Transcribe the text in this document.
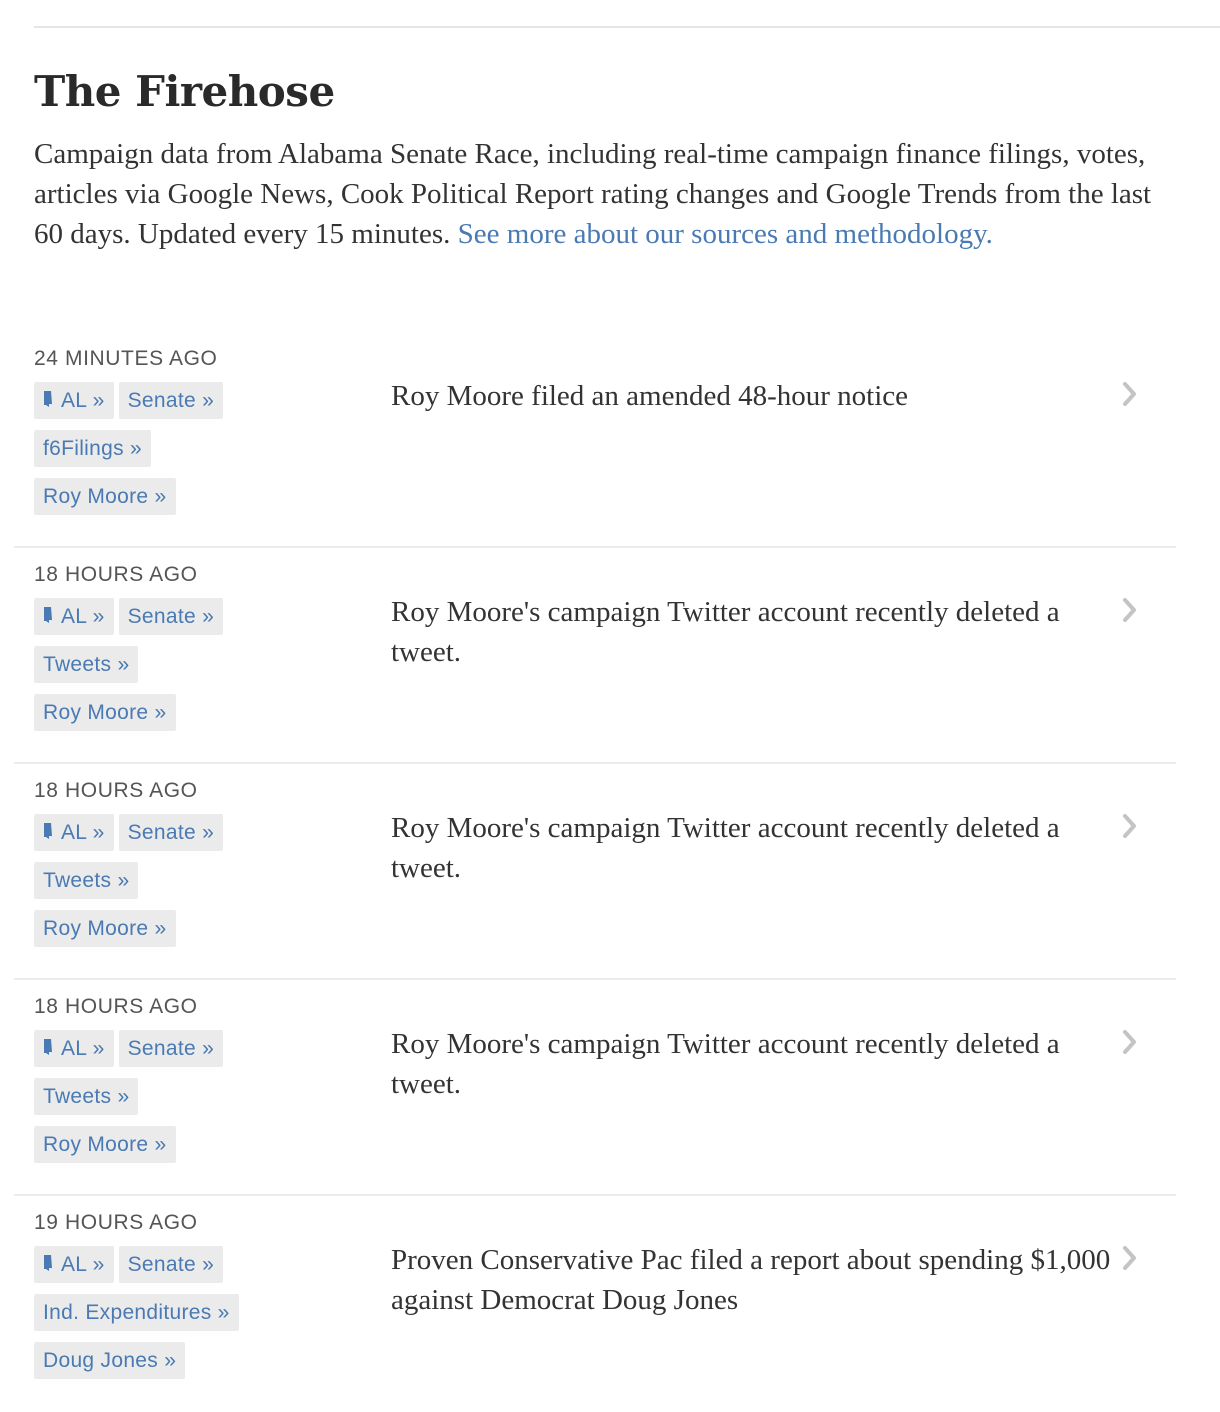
The Firehose

Campaign data from Alabama Senate Race, including real-time campaign finance filings, votes, articles via Google News, Cook Political Report rating changes and Google Trends from the last 60 days. Updated every 15 minutes. See more about our sources and methodology.

24 MINUTES AGO
AL » Senate »
f6Filings »
Roy Moore »

Roy Moore filed an amended 48-hour notice

18 HOURS AGO
AL » Senate »
Tweets »
Roy Moore »

Roy Moore's campaign Twitter account recently deleted a tweet.

18 HOURS AGO
AL » Senate »
Tweets »
Roy Moore »

Roy Moore's campaign Twitter account recently deleted a tweet.

18 HOURS AGO
AL » Senate »
Tweets »
Roy Moore »

Roy Moore's campaign Twitter account recently deleted a tweet.

19 HOURS AGO
AL » Senate »
Ind. Expenditures »
Doug Jones »

Proven Conservative Pac filed a report about spending $1,000 against Democrat Doug Jones
